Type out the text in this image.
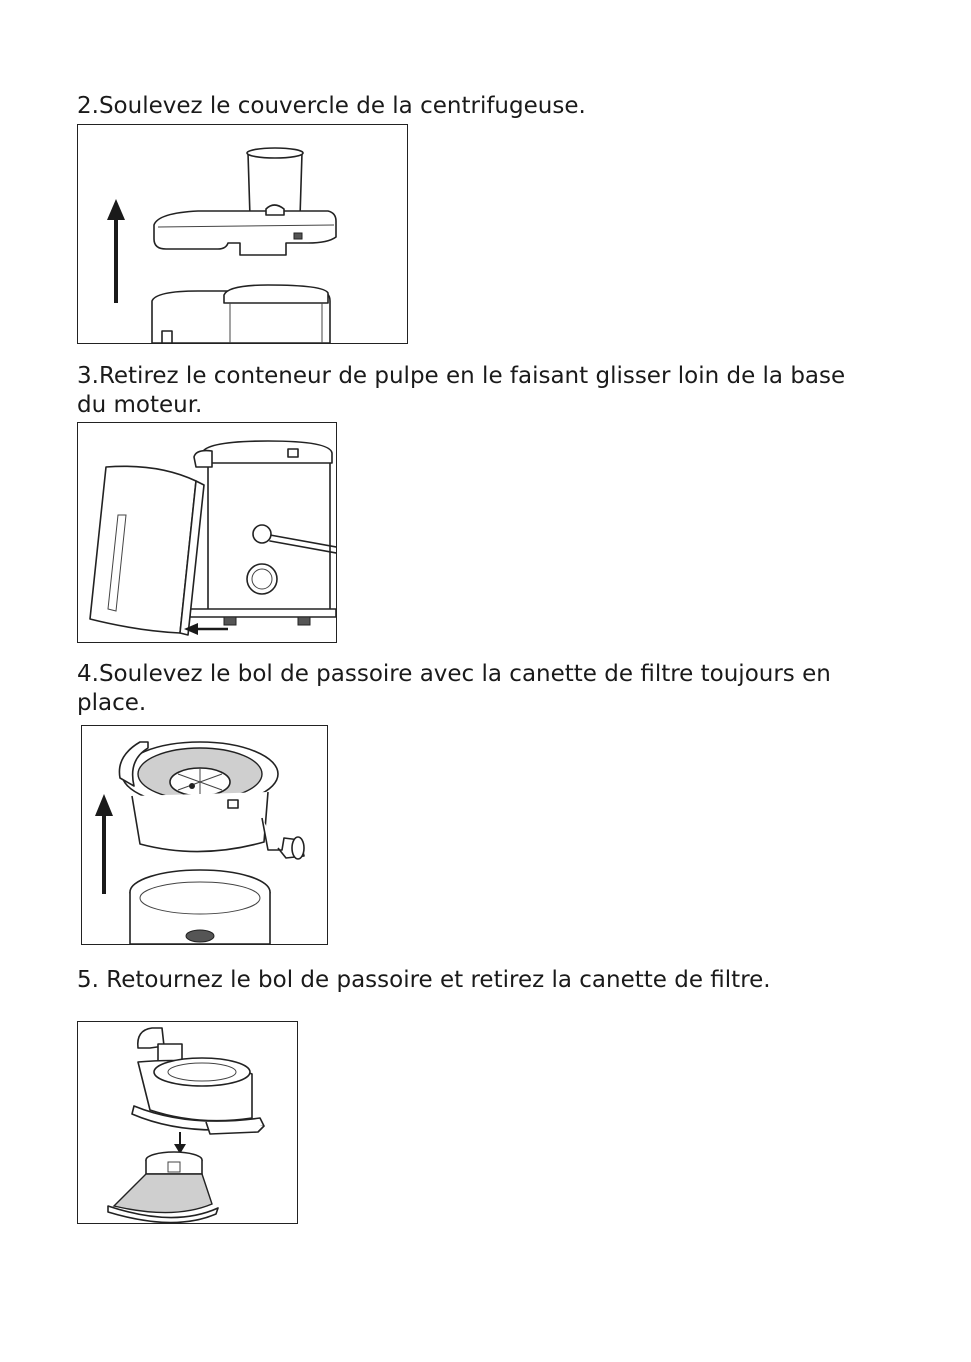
2.Soulevez le couvercle de la centrifugeuse.

3.Retirez le conteneur de pulpe en le faisant glisser loin de la base du moteur.

4.Soulevez le bol de passoire avec la canette de filtre toujours en place.

5. Retournez le bol de passoire et retirez la canette de filtre.
